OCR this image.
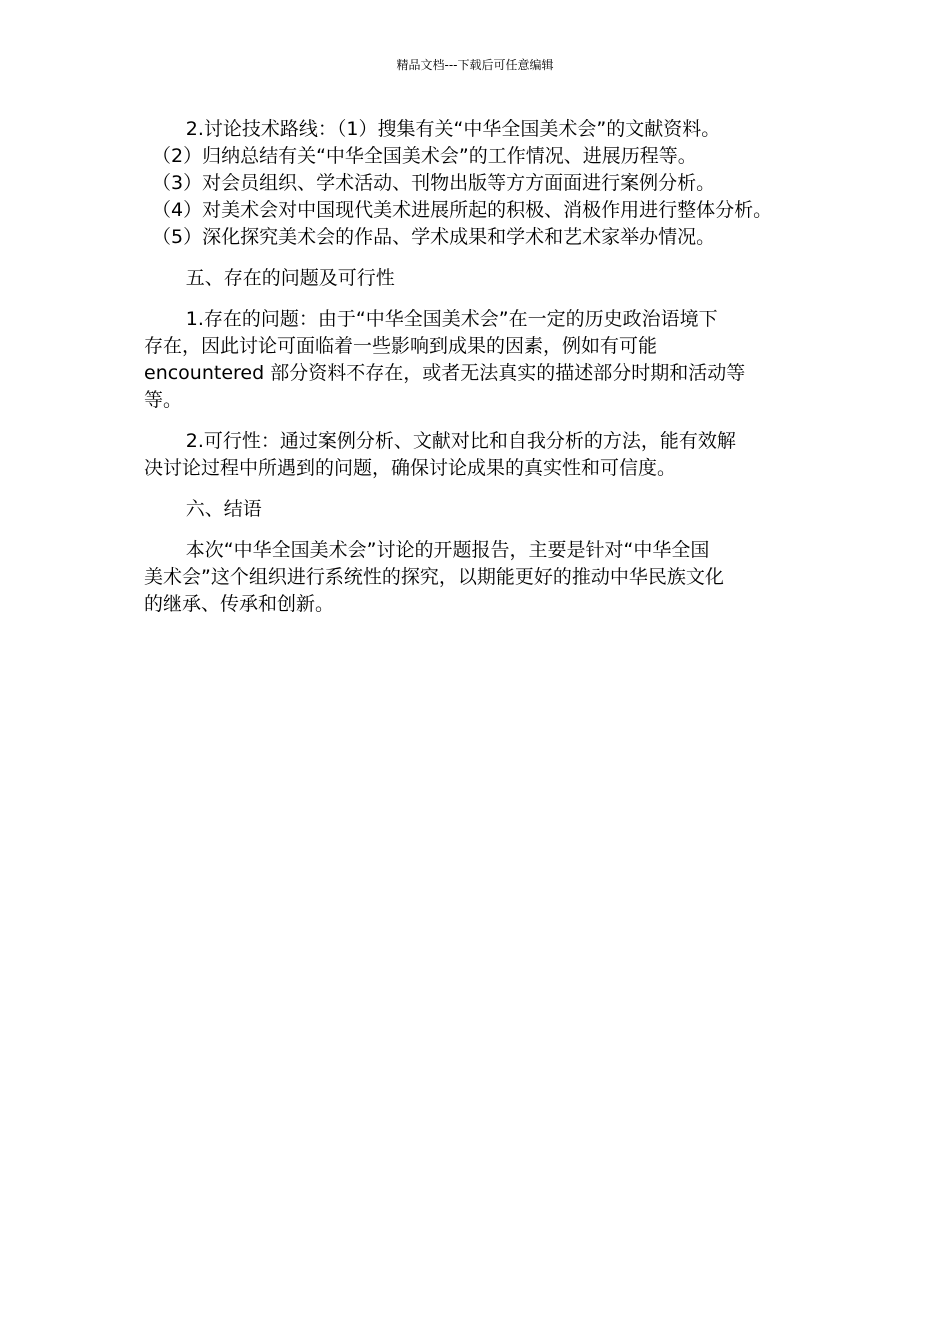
精品文档---下载后可任意编辑

2.讨论技术路线：（1）搜集有关“中华全国美术会”的文献资料。

（2）归纳总结有关“中华全国美术会”的工作情况、进展历程等。

（3）对会员组织、学术活动、刊物出版等方方面面进行案例分析。

（4）对美术会对中国现代美术进展所起的积极、消极作用进行整体分析。

（5）深化探究美术会的作品、学术成果和学术和艺术家举办情况。

五、存在的问题及可行性

1.存在的问题：由于“中华全国美术会”在一定的历史政治语境下

存在，因此讨论可面临着一些影响到成果的因素，例如有可能

encountered 部分资料不存在，或者无法真实的描述部分时期和活动等

等。

2.可行性：通过案例分析、文献对比和自我分析的方法，能有效解

决讨论过程中所遇到的问题，确保讨论成果的真实性和可信度。

六、结语

本次“中华全国美术会”讨论的开题报告，主要是针对“中华全国

美术会”这个组织进行系统性的探究，以期能更好的推动中华民族文化

的继承、传承和创新。
